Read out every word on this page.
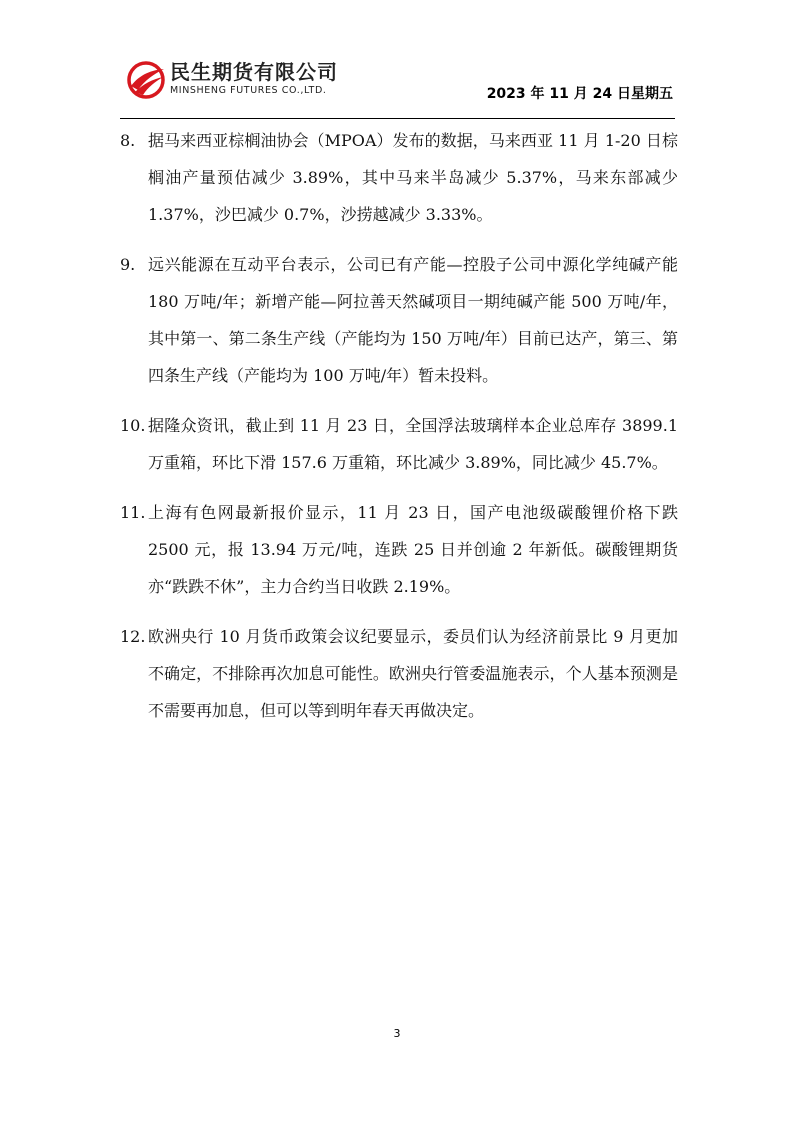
民生期货有限公司
MINSHENG FUTURES CO.,LTD.	2023 年 11 月 24 日星期五
8. 据马来西亚棕榈油协会（MPOA）发布的数据，马来西亚 11 月 1-20 日棕榈油产量预估减少 3.89%，其中马来半岛减少 5.37%，马来东部减少 1.37%，沙巴减少 0.7%，沙捞越减少 3.33%。

9. 远兴能源在互动平台表示，公司已有产能—控股子公司中源化学纯碱产能 180 万吨/年；新增产能—阿拉善天然碱项目一期纯碱产能 500 万吨/年，其中第一、第二条生产线（产能均为 150 万吨/年）目前已达产，第三、第四条生产线（产能均为 100 万吨/年）暂未投料。

10. 据隆众资讯，截止到 11 月 23 日，全国浮法玻璃样本企业总库存 3899.1 万重箱，环比下滑 157.6 万重箱，环比减少 3.89%，同比减少 45.7%。

11. 上海有色网最新报价显示，11 月 23 日，国产电池级碳酸锂价格下跌 2500 元，报 13.94 万元/吨，连跌 25 日并创逾 2 年新低。碳酸锂期货亦“跌跌不休”，主力合约当日收跌 2.19%。

12. 欧洲央行 10 月货币政策会议纪要显示，委员们认为经济前景比 9 月更加不确定，不排除再次加息可能性。欧洲央行管委温施表示，个人基本预测是不需要再加息，但可以等到明年春天再做决定。

3
